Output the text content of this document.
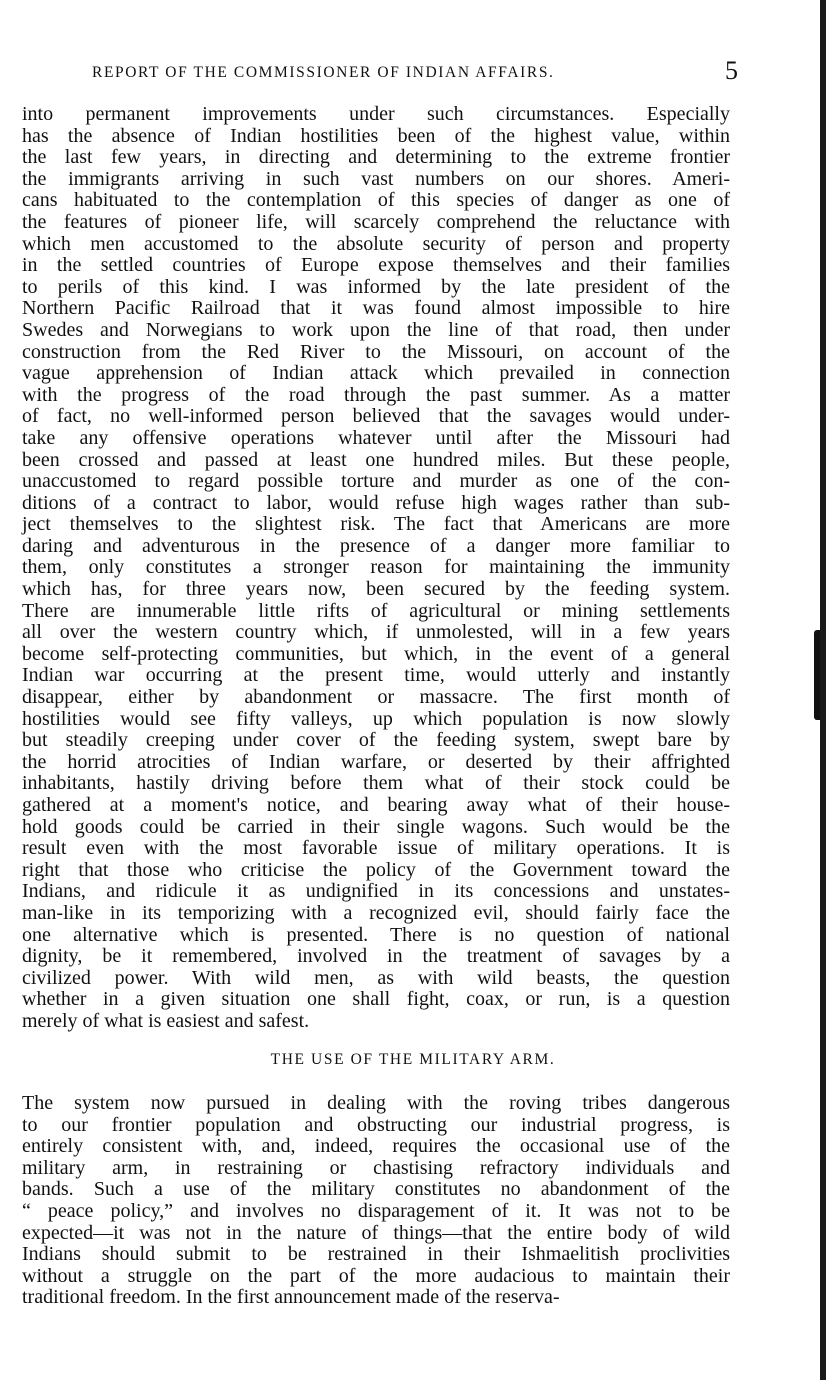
REPORT OF THE COMMISSIONER OF INDIAN AFFAIRS.	5
into permanent improvements under such circumstances. Especially
has the absence of Indian hostilities been of the highest value, within
the last few years, in directing and determining to the extreme frontier
the immigrants arriving in such vast numbers on our shores. Ameri-
cans habituated to the contemplation of this species of danger as one of
the features of pioneer life, will scarcely comprehend the reluctance with
which men accustomed to the absolute security of person and property
in the settled countries of Europe expose themselves and their families
to perils of this kind. I was informed by the late president of the
Northern Pacific Railroad that it was found almost impossible to hire
Swedes and Norwegians to work upon the line of that road, then under
construction from the Red River to the Missouri, on account of the
vague apprehension of Indian attack which prevailed in connection
with the progress of the road through the past summer. As a matter
of fact, no well-informed person believed that the savages would under-
take any offensive operations whatever until after the Missouri had
been crossed and passed at least one hundred miles. But these people,
unaccustomed to regard possible torture and murder as one of the con-
ditions of a contract to labor, would refuse high wages rather than sub-
ject themselves to the slightest risk. The fact that Americans are more
daring and adventurous in the presence of a danger more familiar to
them, only constitutes a stronger reason for maintaining the immunity
which has, for three years now, been secured by the feeding system.
There are innumerable little rifts of agricultural or mining settlements
all over the western country which, if unmolested, will in a few years
become self-protecting communities, but which, in the event of a general
Indian war occurring at the present time, would utterly and instantly
disappear, either by abandonment or massacre. The first month of
hostilities would see fifty valleys, up which population is now slowly
but steadily creeping under cover of the feeding system, swept bare by
the horrid atrocities of Indian warfare, or deserted by their affrighted
inhabitants, hastily driving before them what of their stock could be
gathered at a moment's notice, and bearing away what of their house-
hold goods could be carried in their single wagons. Such would be the
result even with the most favorable issue of military operations. It is
right that those who criticise the policy of the Government toward the
Indians, and ridicule it as undignified in its concessions and unstates-
man-like in its temporizing with a recognized evil, should fairly face the
one alternative which is presented. There is no question of national
dignity, be it remembered, involved in the treatment of savages by a
civilized power. With wild men, as with wild beasts, the question
whether in a given situation one shall fight, coax, or run, is a question
merely of what is easiest and safest.
THE USE OF THE MILITARY ARM.
The system now pursued in dealing with the roving tribes dangerous
to our frontier population and obstructing our industrial progress, is
entirely consistent with, and, indeed, requires the occasional use of the
military arm, in restraining or chastising refractory individuals and
bands. Such a use of the military constitutes no abandonment of the
“ peace policy,” and involves no disparagement of it. It was not to be
expected—it was not in the nature of things—that the entire body of wild
Indians should submit to be restrained in their Ishmaelitish proclivities
without a struggle on the part of the more audacious to maintain their
traditional freedom. In the first announcement made of the reserva-
